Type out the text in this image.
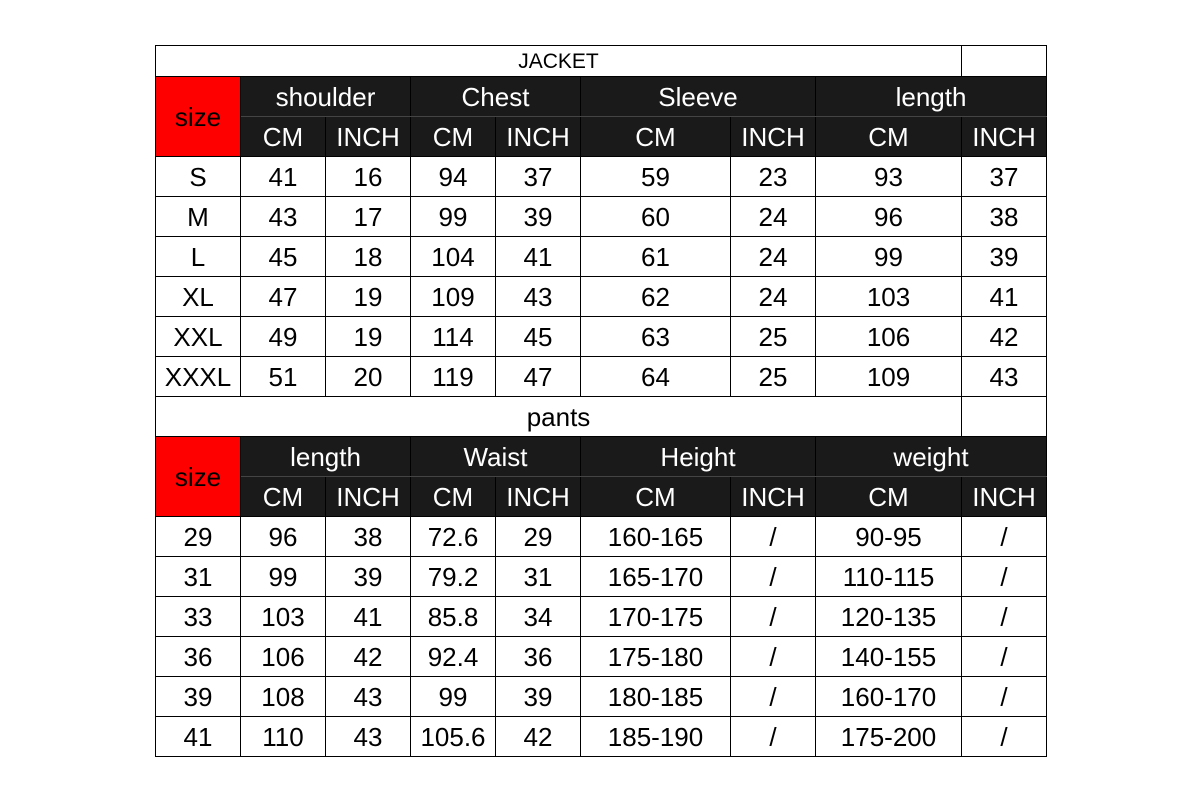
JACKET								
size	shoulder		Chest		Sleeve		length	
	CM	INCH	CM	INCH	CM	INCH	CM	INCH
S	41	16	94	37	59	23	93	37
M	43	17	99	39	60	24	96	38
L	45	18	104	41	61	24	99	39
XL	47	19	109	43	62	24	103	41
XXL	49	19	114	45	63	25	106	42
XXXL	51	20	119	47	64	25	109	43
pants								
size	length		Waist		Height		weight	
	CM	INCH	CM	INCH	CM	INCH	CM	INCH
29	96	38	72.6	29	160-165	/	90-95	/
31	99	39	79.2	31	165-170	/	110-115	/
33	103	41	85.8	34	170-175	/	120-135	/
36	106	42	92.4	36	175-180	/	140-155	/
39	108	43	99	39	180-185	/	160-170	/
41	110	43	105.6	42	185-190	/	175-200	/
